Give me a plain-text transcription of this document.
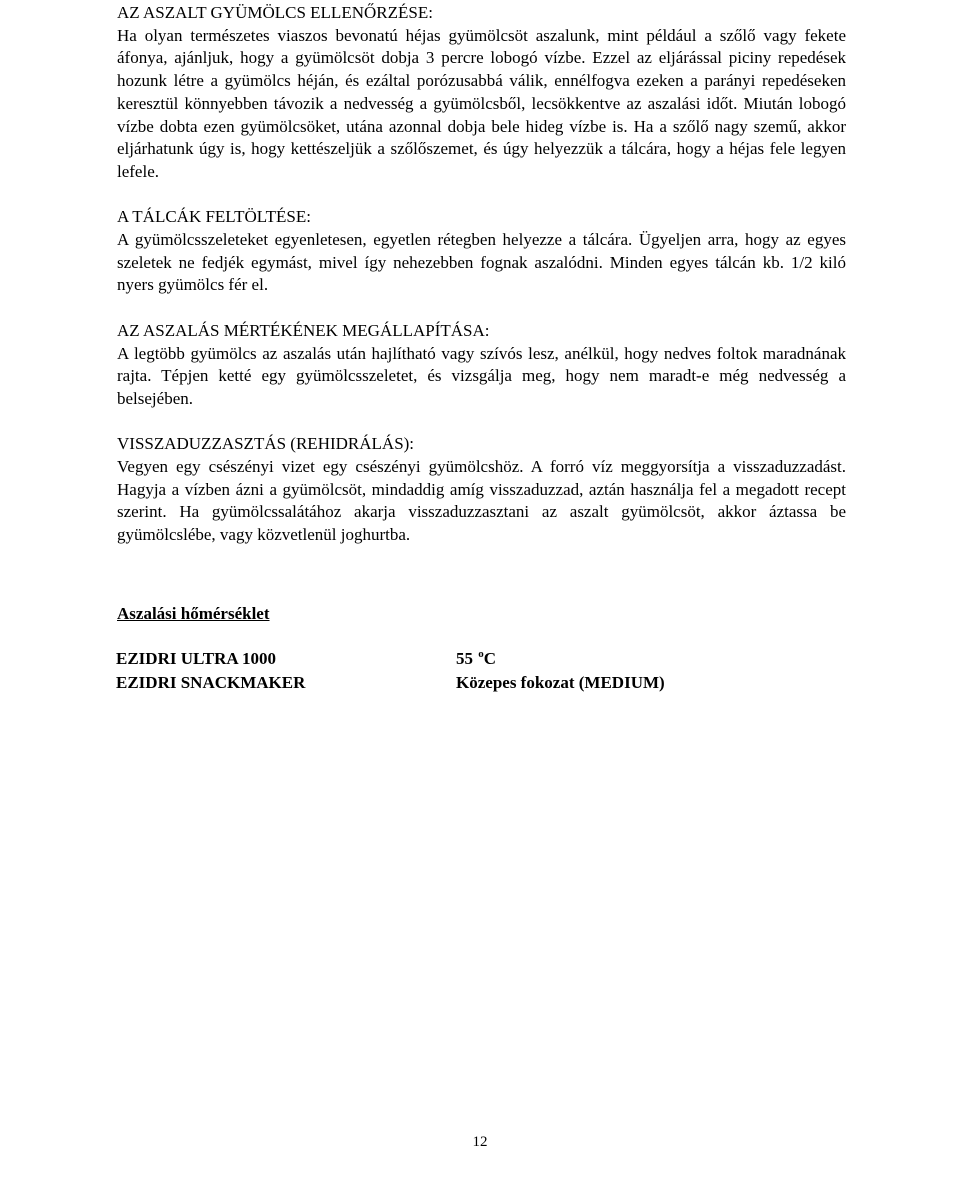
AZ ASZALT GYÜMÖLCS ELLENŐRZÉSE:

Ha olyan természetes viaszos bevonatú héjas gyümölcsöt aszalunk, mint például a szőlő vagy fekete áfonya, ajánljuk, hogy a gyümölcsöt dobja 3 percre lobogó vízbe. Ezzel az eljárással piciny repedések hozunk létre a gyümölcs héján, és ezáltal porózusabbá válik, ennélfogva ezeken a parányi repedéseken keresztül könnyebben távozik a nedvesség a gyümölcsből, lecsökkentve az aszalási időt. Miután lobogó vízbe dobta ezen gyümölcsöket, utána azonnal dobja bele hideg vízbe is. Ha a szőlő nagy szemű, akkor eljárhatunk úgy is, hogy kettészeljük a szőlőszemet, és úgy helyezzük a tálcára, hogy a héjas fele legyen lefele.

A TÁLCÁK FELTÖLTÉSE:

A gyümölcsszeleteket egyenletesen, egyetlen rétegben helyezze a tálcára. Ügyeljen arra, hogy az egyes szeletek ne fedjék egymást, mivel így nehezebben fognak aszalódni. Minden egyes tálcán kb. 1/2 kiló nyers gyümölcs fér el.

AZ ASZALÁS MÉRTÉKÉNEK MEGÁLLAPÍTÁSA:

A legtöbb gyümölcs az aszalás után hajlítható vagy szívós lesz, anélkül, hogy nedves foltok maradnának rajta. Tépjen ketté egy gyümölcsszeletet, és vizsgálja meg, hogy nem maradt-e még nedvesség a belsejében.

VISSZADUZZASZTÁS (REHIDRÁLÁS):

Vegyen egy csészényi vizet egy csészényi gyümölcshöz. A forró víz meggyorsítja a visszaduzzadást. Hagyja a vízben ázni a gyümölcsöt, mindaddig amíg visszaduzzad, aztán használja fel a megadott recept szerint. Ha gyümölcssalátához akarja visszaduzzasztani az aszalt gyümölcsöt, akkor áztassa be gyümölcslébe, vagy közvetlenül joghurtba.

Aszalási hőmérséklet
EZIDRI ULTRA 1000	55 $^o$C
EZIDRI SNACKMAKER	Közepes fokozat (MEDIUM)
12
